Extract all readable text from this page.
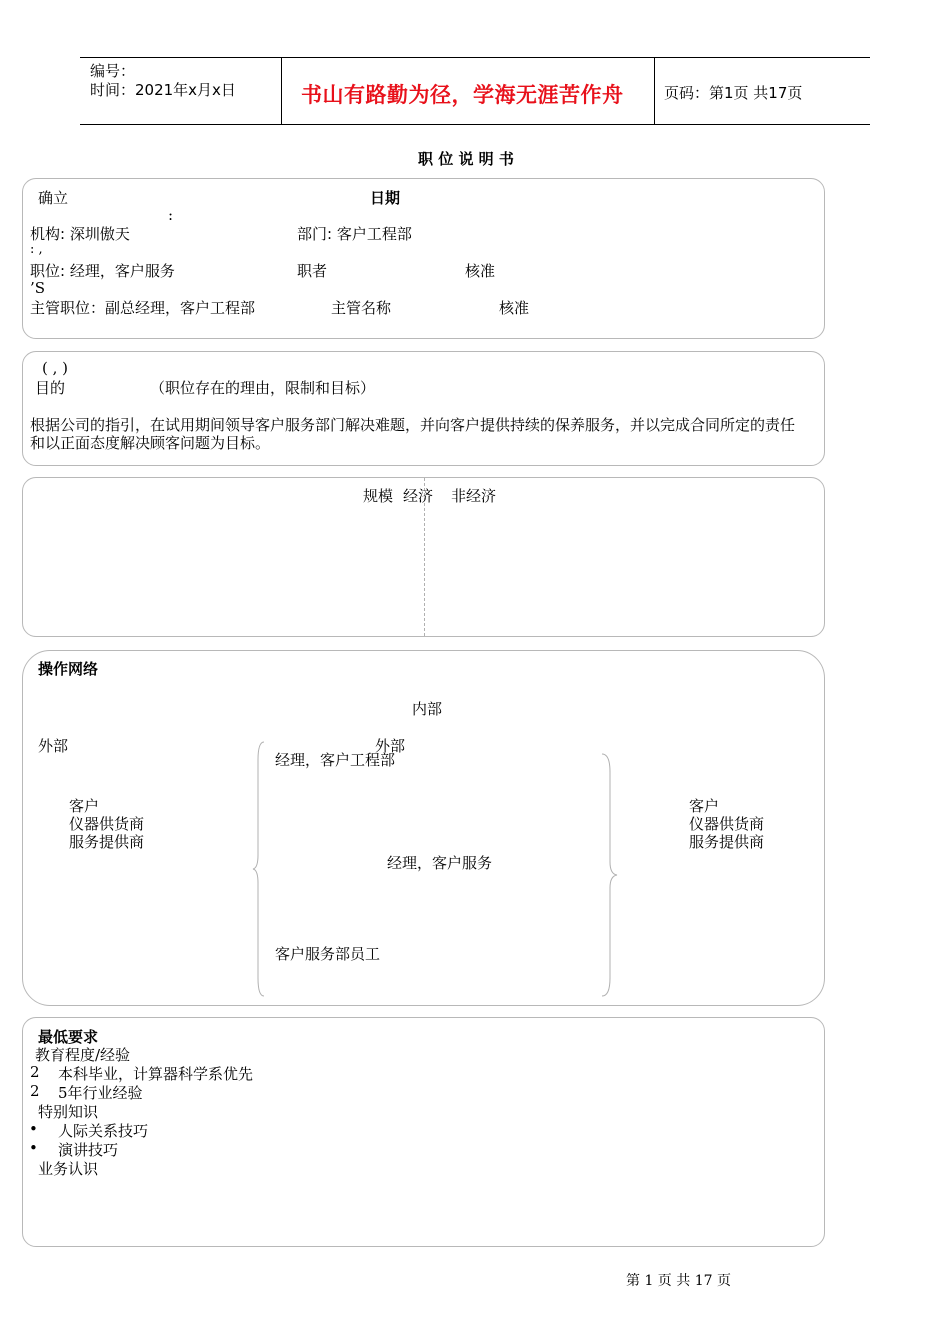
编号：
时间：2021年x月x日	书山有路勤为径，学海无涯苦作舟	页码：第1页 共17页
职 位 说 明 书
确立	日期
:
机构: 深圳傲天	部门: 客户工程部
: ,
职位: 经理，客户服务	职者	核准
’S
主管职位：副总经理，客户工程部	主管名称	核准
( , )
目的	（职位存在的理由，限制和目标）
根据公司的指引，在试用期间领导客户服务部门解决难题，并向客户提供持续的保养服务，并以完成合同所定的责任
和以正面态度解决顾客问题为目标。
规模 经济 非经济
操作网络
内部
外部	外部
客户
仪器供货商
服务提供商
客户
仪器供货商
服务提供商
经理，客户工程部
经理，客户服务
客户服务部员工
最低要求
教育程度/经验
2 本科毕业，计算器科学系优先
2 5年行业经验
特别知识
• 人际关系技巧
• 演讲技巧
业务认识
第 1 页 共 17 页
